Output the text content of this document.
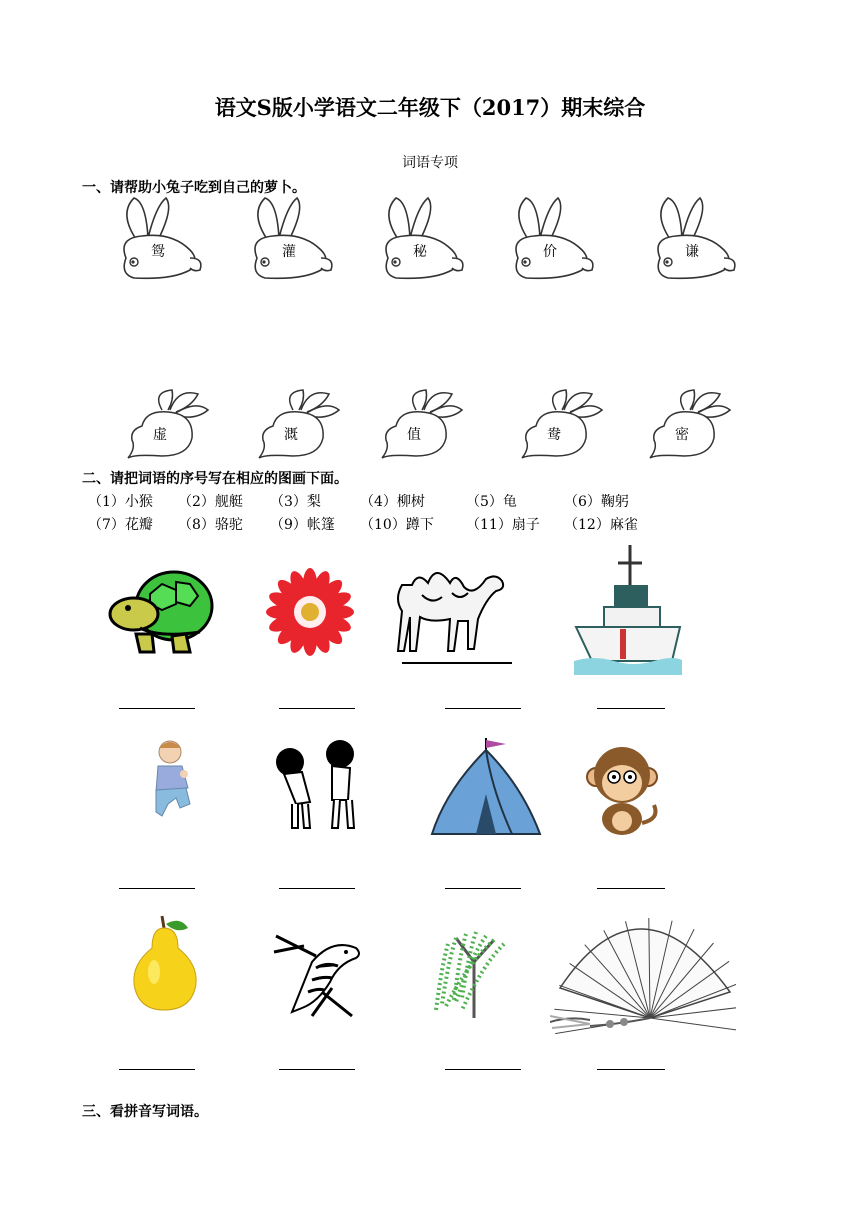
语文S版小学语文二年级下（2017）期末综合
词语专项
一、请帮助小兔子吃到自己的萝卜。
鸳	灌	秘	价	谦
虚	溉	值	鸯	密
二、请把词语的序号写在相应的图画下面。
（1）小猴 （2）舰艇 （3）梨	（4）柳树	（5）龟	（6）鞠躬
（7）花瓣 （8）骆驼 （9）帐篷 （10）蹲下 （11）扇子 （12）麻雀
三、看拼音写词语。
